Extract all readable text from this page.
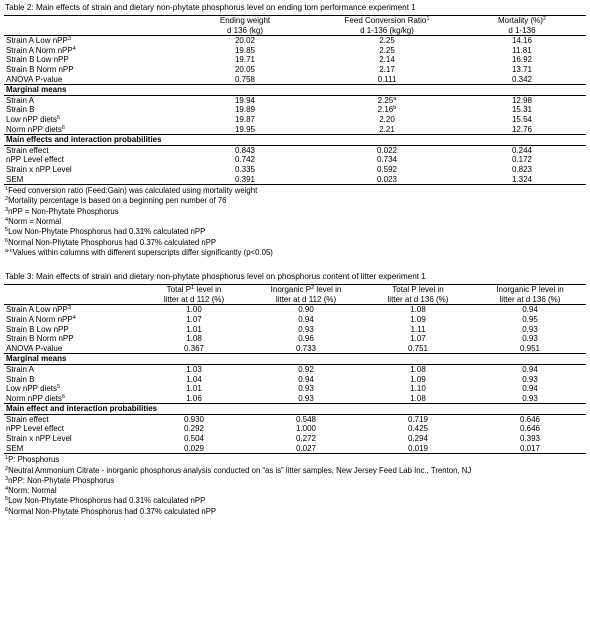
Table 2: Main effects of strain and dietary non-phytate phosphorus level on ending tom performance experiment 1
	Ending weight	Feed Conversion Ratio$^1$	Mortality (%)$^2$
	d 136 (kg)	d 1-136 (kg/kg)	d 1-136
Strain A Low nPP$^3$	20.02	2.25	14.16
Strain A Norm nPP$^4$	19.85	2.25	11.81
Strain B Low nPP	19.71	2.14	16.92
Strain B Norm nPP	20.05	2.17	13.71
ANOVA P-value	0.758	0.111	0.342
Marginal means			
Strain A	19.94	2.25$^a$	12.98
Strain B	19.89	2.16$^b$	15.31
Low nPP diets$^5$	19.87	2.20	15.54
Norm nPP diets$^6$	19.95	2.21	12.76
Main effects and interaction probabilities			
Strain effect	0.843	0.022	0.244
nPP Level effect	0.742	0.734	0.172
Strain x nPP Level	0.335	0.592	0.823
SEM	0.391	0.023	1.324
$^1$Feed conversion ratio (Feed:Gain) was calculated using mortality weight
$^2$Mortality percentage is based on a beginning pen number of 76
$^3$nPP = Non-Phytate Phosphorus
$^4$Norm = Normal
$^5$Low Non-Phytate Phosphorus had 0.31% calculated nPP
$^6$Normal Non-Phytate Phosphorus had 0.37% calculated nPP
$^{a-c}$Values within columns with different superscripts differ significantly (p<0.05)
Table 3: Main effects of strain and dietary non-phytate phosphorus level on phosphorus content of litter experiment 1
	Total $P^1$ level in	Inorganic $P^2$ level in	Total P level in	Inorganic P level in
	litter at d 112 (%)	litter at d 112 (%)	litter at d 136 (%)	litter at d 136 (%)
Strain A Low nPP$^3$	1.00	0.90	1.08	0.94
Strain A Norm nPP$^4$	1.07	0.94	1.09	0.95
Strain B Low nPP	1.01	0.93	1.11	0.93
Strain B Norm nPP	1.08	0.96	1.07	0.93
ANOVA P-value	0.367	0.733	0.751	0.951
Marginal means				
Strain A	1.03	0.92	1.08	0.94
Strain B	1.04	0.94	1.09	0.93
Low nPP diets$^5$	1.01	0.93	1.10	0.94
Norm nPP diets$^6$	1.06	0.93	1.08	0.93
Main effect and interaction probabilities				
Strain effect	0.930	0.548	0.719	0.646
nPP Level effect	0.292	1.000	0.425	0.646
Strain x nPP Level	0.504	0.272	0.294	0.393
SEM	0.029	0.027	0.019	0.017
$^1$P: Phosphorus
$^2$Neutral Ammonium Citrate - inorganic phosphorus analysis conducted on “as is” litter samples, New Jersey Feed Lab Inc., Trenton, NJ
$^3$nPP: Non-Phytate Phosphorus
$^4$Norm: Normal
$^5$Low Non-Phytate Phosphorus had 0.31% calculated nPP
$^6$Normal Non-Phytate Phosphorus had 0.37% calculated nPP
